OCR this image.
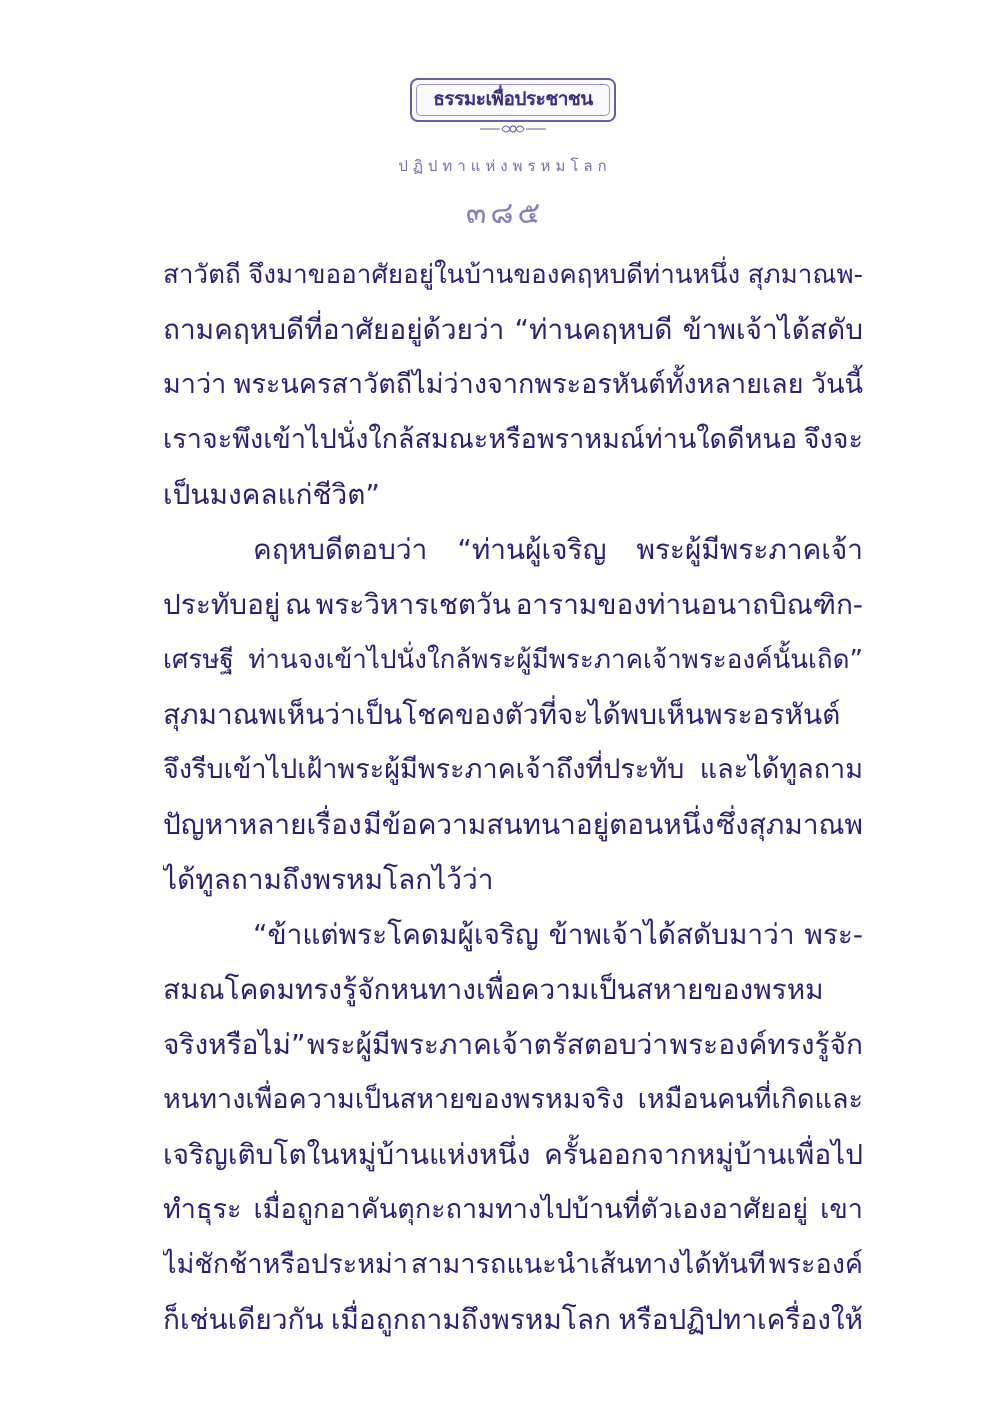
ธรรมะเพื่อประชาชน
ปฏิปทาแห่งพรหมโลก
๓๘๕
สาวัตถี จึงมาขออาศัยอยู่ในบ้านของคฤหบดีท่านหนึ่ง สุภมาณพ-
ถามคฤหบดีที่อาศัยอยู่ด้วยว่า “ท่านคฤหบดี ข้าพเจ้าได้สดับ
มาว่า พระนครสาวัตถีไม่ว่างจากพระอรหันต์ทั้งหลายเลย วันนี้
เราจะพึงเข้าไปนั่งใกล้สมณะหรือพราหมณ์ท่านใดดีหนอ จึงจะ
เป็นมงคลแก่ชีวิต”
คฤหบดีตอบว่า “ท่านผู้เจริญ พระผู้มีพระภาคเจ้า
ประทับอยู่ ณ พระวิหารเชตวัน อารามของท่านอนาถบิณฑิก-
เศรษฐี ท่านจงเข้าไปนั่งใกล้พระผู้มีพระภาคเจ้าพระองค์นั้นเถิด”
สุภมาณพเห็นว่าเป็นโชคของตัวที่จะได้พบเห็นพระอรหันต์
จึงรีบเข้าไปเฝ้าพระผู้มีพระภาคเจ้าถึงที่ประทับ และได้ทูลถาม
ปัญหาหลายเรื่อง มีข้อความสนทนาอยู่ตอนหนึ่ง ซึ่งสุภมาณพ
ได้ทูลถามถึงพรหมโลกไว้ว่า
“ข้าแต่พระโคดมผู้เจริญ ข้าพเจ้าได้สดับมาว่า พระ-
สมณโคดมทรงรู้จักหนทางเพื่อความเป็นสหายของพรหม
จริงหรือไม่” พระผู้มีพระภาคเจ้าตรัสตอบว่า พระองค์ทรงรู้จัก
หนทางเพื่อความเป็นสหายของพรหมจริง เหมือนคนที่เกิดและ
เจริญเติบโตในหมู่บ้านแห่งหนึ่ง ครั้นออกจากหมู่บ้านเพื่อไป
ทำธุระ เมื่อถูกอาคันตุกะถามทางไปบ้านที่ตัวเองอาศัยอยู่ เขา
ไม่ชักช้าหรือประหม่า สามารถแนะนำเส้นทางได้ทันที พระองค์
ก็เช่นเดียวกัน เมื่อถูกถามถึงพรหมโลก หรือปฏิปทาเครื่องให้
